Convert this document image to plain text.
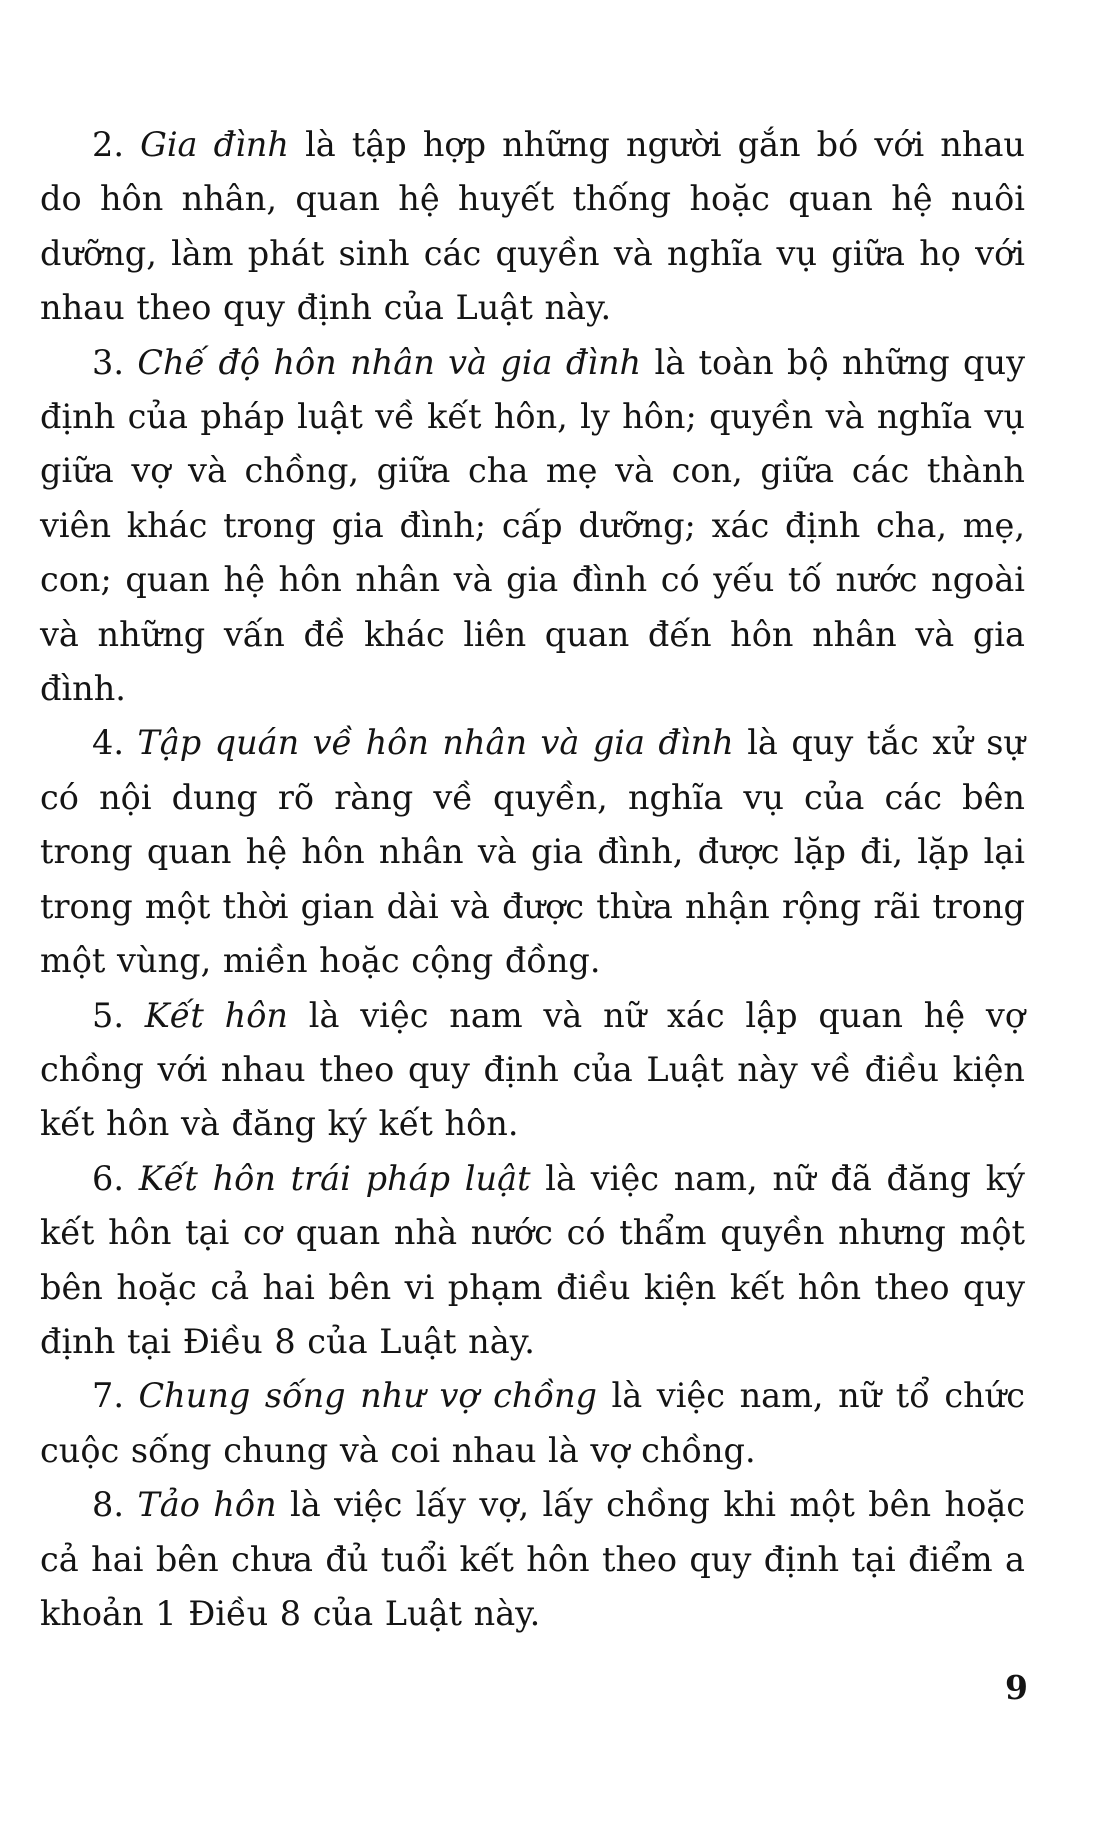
2. Gia đình là tập hợp những người gắn bó với nhau do hôn nhân, quan hệ huyết thống hoặc quan hệ nuôi dưỡng, làm phát sinh các quyền và nghĩa vụ giữa họ với nhau theo quy định của Luật này.

3. Chế độ hôn nhân và gia đình là toàn bộ những quy định của pháp luật về kết hôn, ly hôn; quyền và nghĩa vụ giữa vợ và chồng, giữa cha mẹ và con, giữa các thành viên khác trong gia đình; cấp dưỡng; xác định cha, mẹ, con; quan hệ hôn nhân và gia đình có yếu tố nước ngoài và những vấn đề khác liên quan đến hôn nhân và gia đình.

4. Tập quán về hôn nhân và gia đình là quy tắc xử sự có nội dung rõ ràng về quyền, nghĩa vụ của các bên trong quan hệ hôn nhân và gia đình, được lặp đi, lặp lại trong một thời gian dài và được thừa nhận rộng rãi trong một vùng, miền hoặc cộng đồng.

5. Kết hôn là việc nam và nữ xác lập quan hệ vợ chồng với nhau theo quy định của Luật này về điều kiện kết hôn và đăng ký kết hôn.

6. Kết hôn trái pháp luật là việc nam, nữ đã đăng ký kết hôn tại cơ quan nhà nước có thẩm quyền nhưng một bên hoặc cả hai bên vi phạm điều kiện kết hôn theo quy định tại Điều 8 của Luật này.

7. Chung sống như vợ chồng là việc nam, nữ tổ chức cuộc sống chung và coi nhau là vợ chồng.

8. Tảo hôn là việc lấy vợ, lấy chồng khi một bên hoặc cả hai bên chưa đủ tuổi kết hôn theo quy định tại điểm a khoản 1 Điều 8 của Luật này.

9
